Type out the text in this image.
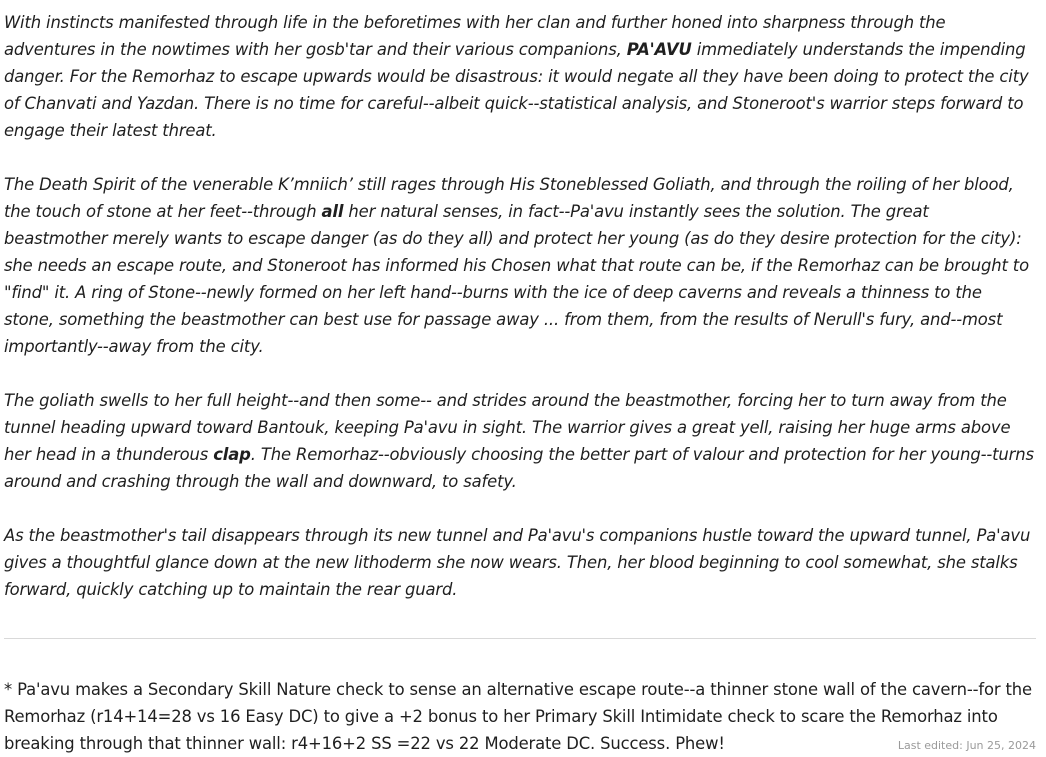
With instincts manifested through life in the beforetimes with her clan and further honed into sharpness through the adventures in the nowtimes with her gosb'tar and their various companions, PA'AVU immediately understands the impending danger. For the Remorhaz to escape upwards would be disastrous: it would negate all they have been doing to protect the city of Chanvati and Yazdan. There is no time for careful--albeit quick--statistical analysis, and Stoneroot's warrior steps forward to engage their latest threat.

The Death Spirit of the venerable K’mniich’ still rages through His Stoneblessed Goliath, and through the roiling of her blood, the touch of stone at her feet--through all her natural senses, in fact--Pa'avu instantly sees the solution. The great beastmother merely wants to escape danger (as do they all) and protect her young (as do they desire protection for the city): she needs an escape route, and Stoneroot has informed his Chosen what that route can be, if the Remorhaz can be brought to "find" it. A ring of Stone--newly formed on her left hand--burns with the ice of deep caverns and reveals a thinness to the stone, something the beastmother can best use for passage away ... from them, from the results of Nerull's fury, and--most importantly--away from the city.

The goliath swells to her full height--and then some-- and strides around the beastmother, forcing her to turn away from the tunnel heading upward toward Bantouk, keeping Pa'avu in sight. The warrior gives a great yell, raising her huge arms above her head in a thunderous clap. The Remorhaz--obviously choosing the better part of valour and protection for her young--turns around and crashing through the wall and downward, to safety.

As the beastmother's tail disappears through its new tunnel and Pa'avu's companions hustle toward the upward tunnel, Pa'avu gives a thoughtful glance down at the new lithoderm she now wears. Then, her blood beginning to cool somewhat, she stalks forward, quickly catching up to maintain the rear guard.

* Pa'avu makes a Secondary Skill Nature check to sense an alternative escape route--a thinner stone wall of the cavern--for the Remorhaz (r14+14=28 vs 16 Easy DC) to give a +2 bonus to her Primary Skill Intimidate check to scare the Remorhaz into breaking through that thinner wall: r4+16+2 SS =22 vs 22 Moderate DC. Success. Phew!	Last edited: Jun 25, 2024
